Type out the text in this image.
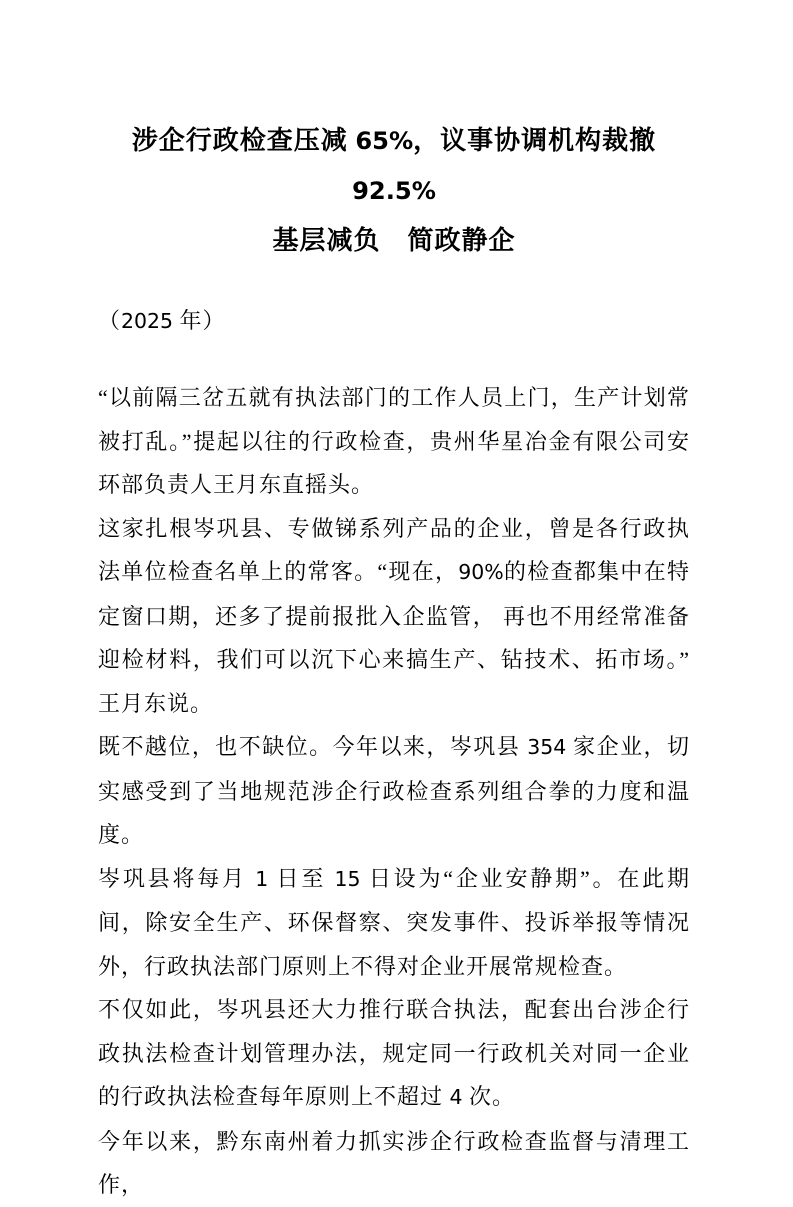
涉企行政检查压减 65%，议事协调机构裁撤 92.5%
基层减负　简政静企
（2025 年）

“以前隔三岔五就有执法部门的工作人员上门，生产计划常被打乱。”提起以往的行政检查，贵州华星冶金有限公司安环部负责人王月东直摇头。

这家扎根岑巩县、专做锑系列产品的企业，曾是各行政执法单位检查名单上的常客。“现在，90%的检查都集中在特定窗口期，还多了提前报批入企监管， 再也不用经常准备迎检材料，我们可以沉下心来搞生产、钻技术、拓市场。” 王月东说。

既不越位，也不缺位。今年以来，岑巩县 354 家企业，切实感受到了当地规范涉企行政检查系列组合拳的力度和温度。

岑巩县将每月 1 日至 15 日设为“企业安静期”。在此期间，除安全生产、环保督察、突发事件、投诉举报等情况外，行政执法部门原则上不得对企业开展常规检查。

不仅如此，岑巩县还大力推行联合执法，配套出台涉企行政执法检查计划管理办法，规定同一行政机关对同一企业的行政执法检查每年原则上不超过 4 次。

今年以来，黔东南州着力抓实涉企行政检查监督与清理工作，
